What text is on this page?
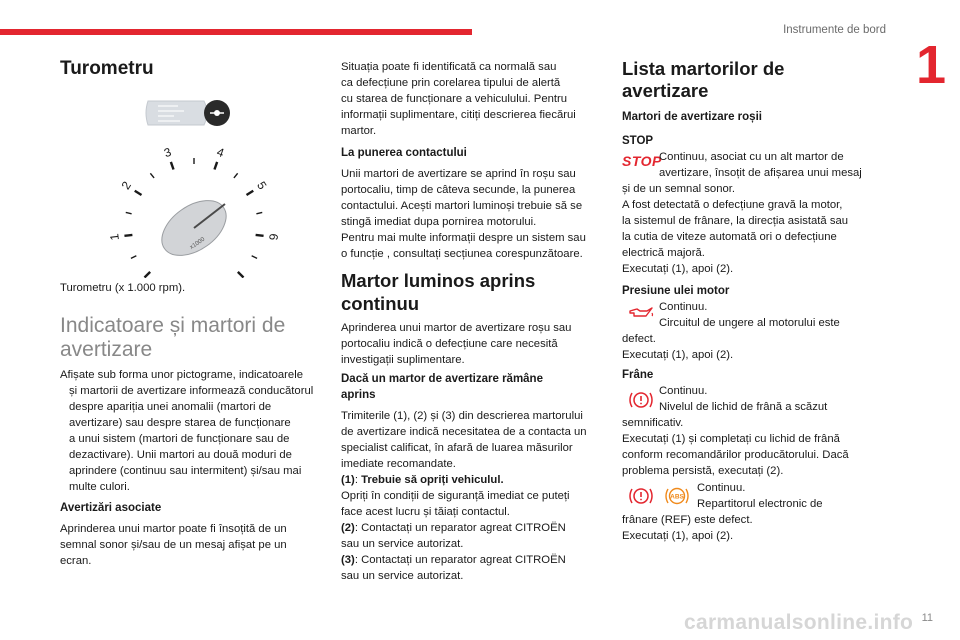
Instrumente de bord
1
Turometru
1
2
3	4
5
6
x1000
Turometru (x 1.000 rpm).
Indicatoare și martori de
avertizare

Afișate sub forma unor pictograme, indicatoarele

și martorii de avertizare informează conducătorul

despre apariția unei anomalii (martori de

avertizare) sau despre starea de funcționare

a unui sistem (martori de funcționare sau de

dezactivare). Unii martori au două moduri de

aprindere (continuu sau intermitent) și/sau mai

multe culori.

Avertizări asociate

Aprinderea unui martor poate fi însoțită de un

semnal sonor și/sau de un mesaj afișat pe un

ecran.

Situația poate fi identificată ca normală sau

ca defecțiune prin corelarea tipului de alertă

cu starea de funcționare a vehiculului. Pentru

informații suplimentare, citiți descrierea fiecărui

martor.

La punerea contactului

Unii martori de avertizare se aprind în roșu sau

portocaliu, timp de câteva secunde, la punerea

contactului. Acești martori luminoși trebuie să se

stingă imediat dupa pornirea motorului.

Pentru mai multe informații despre un sistem sau

o funcție , consultați secțiunea corespunzătoare.

Martor luminos aprins
continuu

Aprinderea unui martor de avertizare roșu sau

portocaliu indică o defecțiune care necesită

investigații suplimentare.

Dacă un martor de avertizare rămâne
aprins

Trimiterile (1), (2) și (3) din descrierea martorului

de avertizare indică necesitatea de a contacta un

specialist calificat, în afară de luarea măsurilor

imediate recomandate.

(1): Trebuie să opriți vehiculul.

Opriți în condiții de siguranță imediat ce puteți

face acest lucru și tăiați contactul.

(2): Contactați un reparator agreat CITROËN

sau un service autorizat.

(3): Contactați un reparator agreat CITROËN

sau un service autorizat.

Lista martorilor de
avertizare
Martori de avertizare roșii
STOP
STOP

Continuu, asociat cu un alt martor de

avertizare, însoțit de afișarea unui mesaj

și de un semnal sonor.

A fost detectată o defecțiune gravă la motor,

la sistemul de frânare, la direcția asistată sau

la cutia de viteze automată ori o defecțiune

electrică majoră.

Executați (1), apoi (2).

Presiune ulei motor

Continuu.

Circuitul de ungere al motorului este

defect.

Executați (1), apoi (2).

Frâne

Continuu.

Nivelul de lichid de frână a scăzut

semnificativ.

Executați (1) și completați cu lichid de frână

conform recomandărilor producătorului. Dacă

problema persistă, executați (2).

ABS

Continuu.

Repartitorul electronic de

frânare (REF) este defect.

Executați (1), apoi (2).

carmanualsonline.info 11
